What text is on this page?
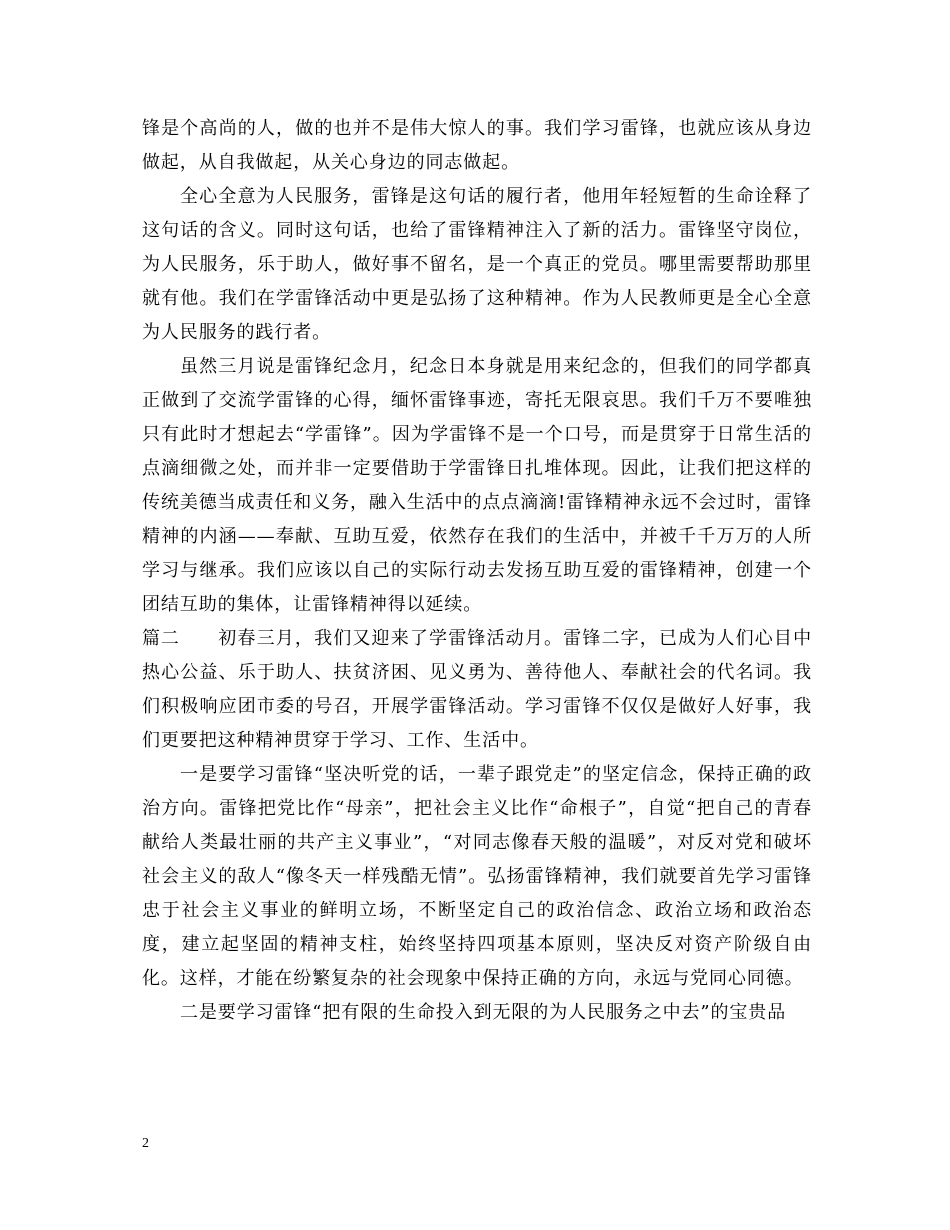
锋是个高尚的人，做的也并不是伟大惊人的事。我们学习雷锋，也就应该从身边做起，从自我做起，从关心身边的同志做起。

全心全意为人民服务，雷锋是这句话的履行者，他用年轻短暂的生命诠释了这句话的含义。同时这句话，也给了雷锋精神注入了新的活力。雷锋坚守岗位，为人民服务，乐于助人，做好事不留名，是一个真正的党员。哪里需要帮助那里就有他。我们在学雷锋活动中更是弘扬了这种精神。作为人民教师更是全心全意为人民服务的践行者。

虽然三月说是雷锋纪念月，纪念日本身就是用来纪念的，但我们的同学都真正做到了交流学雷锋的心得，缅怀雷锋事迹，寄托无限哀思。我们千万不要唯独只有此时才想起去“学雷锋”。因为学雷锋不是一个口号，而是贯穿于日常生活的点滴细微之处，而并非一定要借助于学雷锋日扎堆体现。因此，让我们把这样的传统美德当成责任和义务，融入生活中的点点滴滴!雷锋精神永远不会过时，雷锋精神的内涵——奉献、互助互爱，依然存在我们的生活中，并被千千万万的人所学习与继承。我们应该以自己的实际行动去发扬互助互爱的雷锋精神，创建一个团结互助的集体，让雷锋精神得以延续。

篇二 初春三月，我们又迎来了学雷锋活动月。雷锋二字，已成为人们心目中热心公益、乐于助人、扶贫济困、见义勇为、善待他人、奉献社会的代名词。我们积极响应团市委的号召，开展学雷锋活动。学习雷锋不仅仅是做好人好事，我们更要把这种精神贯穿于学习、工作、生活中。

一是要学习雷锋“坚决听党的话，一辈子跟党走”的坚定信念，保持正确的政治方向。雷锋把党比作“母亲”，把社会主义比作“命根子”，自觉“把自己的青春献给人类最壮丽的共产主义事业”，“对同志像春天般的温暖”，对反对党和破坏社会主义的敌人“像冬天一样残酷无情”。弘扬雷锋精神，我们就要首先学习雷锋忠于社会主义事业的鲜明立场，不断坚定自己的政治信念、政治立场和政治态度，建立起坚固的精神支柱，始终坚持四项基本原则，坚决反对资产阶级自由化。这样，才能在纷繁复杂的社会现象中保持正确的方向，永远与党同心同德。

二是要学习雷锋“把有限的生命投入到无限的为人民服务之中去”的宝贵品

2
